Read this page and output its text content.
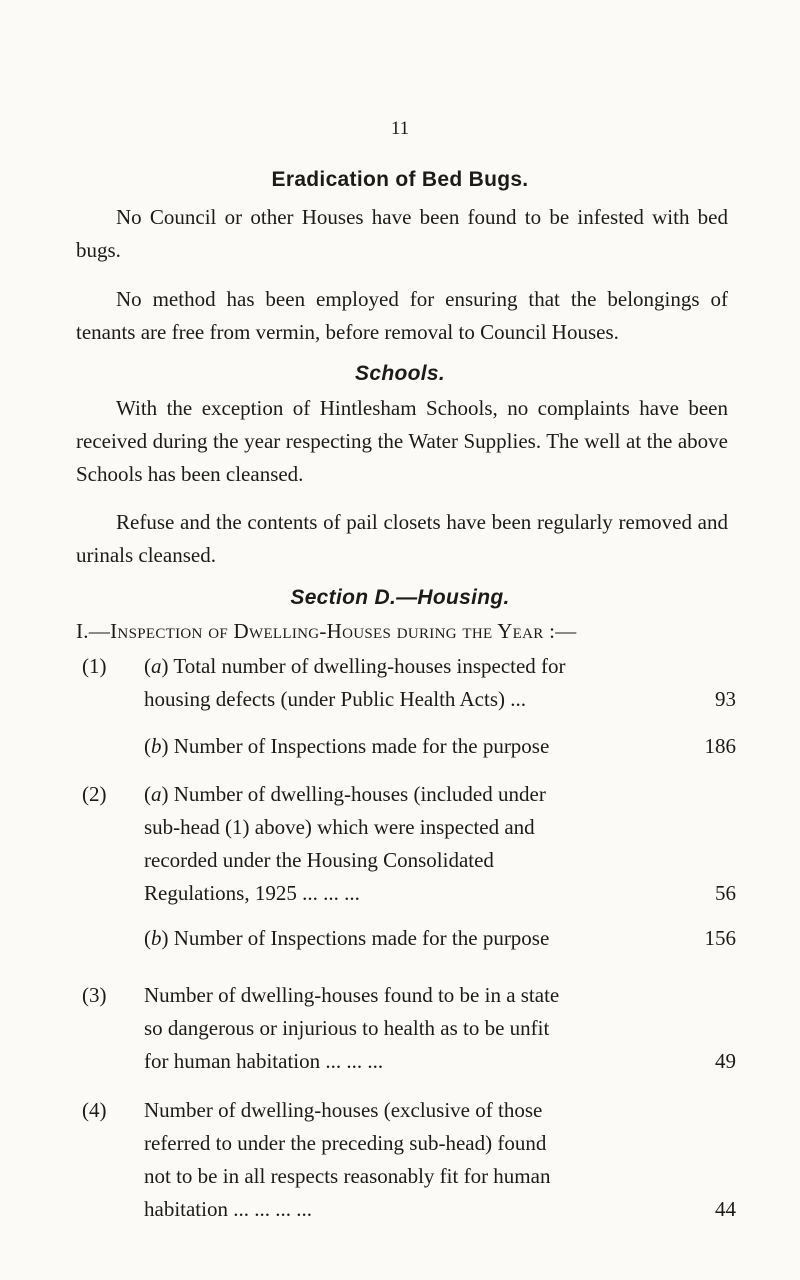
11
Eradication of Bed Bugs.

No Council or other Houses have been found to be infested with bed bugs.

No method has been employed for ensuring that the belongings of tenants are free from vermin, before removal to Council Houses.

Schools.

With the exception of Hintlesham Schools, no complaints have been received during the year respecting the Water Supplies. The well at the above Schools has been cleansed.

Refuse and the contents of pail closets have been regularly removed and urinals cleansed.

Section D.—Housing.
I.—Inspection of Dwelling-Houses during the Year :—
(1) (a) Total number of dwelling-houses inspected for
housing defects (under Public Health Acts) ...	93
(b) Number of Inspections made for the purpose	186
(2) (a) Number of dwelling-houses (included under
sub-head (1) above) which were inspected and
recorded under the Housing Consolidated
Regulations, 1925 ... ... ...	56
(b) Number of Inspections made for the purpose	156
(3) Number of dwelling-houses found to be in a state
so dangerous or injurious to health as to be unfit
for human habitation ... ... ...	49
(4) Number of dwelling-houses (exclusive of those
referred to under the preceding sub-head) found
not to be in all respects reasonably fit for human
habitation ... ... ... ...	44
